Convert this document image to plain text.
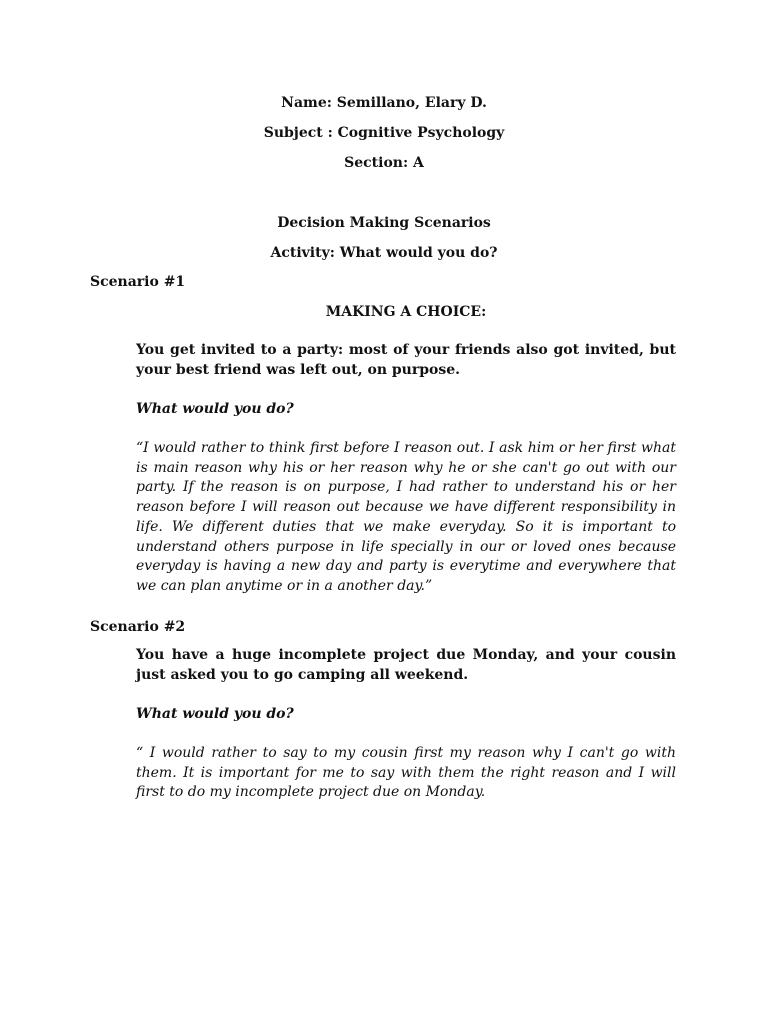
Name: Semillano, Elary D.
Subject : Cognitive Psychology
Section: A
Decision Making Scenarios
Activity: What would you do?
Scenario #1
MAKING A CHOICE:
You get invited to a party: most of your friends also got invited, but your best friend was left out, on purpose.
What would you do?
“I would rather to think first before I reason out. I ask him or her first what is main reason why his or her reason why he or she can't go out with our party. If the reason is on purpose, I had rather to understand his or her reason before I will reason out because we have different responsibility in life. We different duties that we make everyday. So it is important to understand others purpose in life specially in our or loved ones because everyday is having a new day and party is everytime and everywhere that we can plan anytime or in a another day.”
Scenario #2
You have a huge incomplete project due Monday, and your cousin just asked you to go camping all weekend.
What would you do?
“ I would rather to say to my cousin first my reason why I can't go with them. It is important for me to say with them the right reason and I will first to do my incomplete project due on Monday.
